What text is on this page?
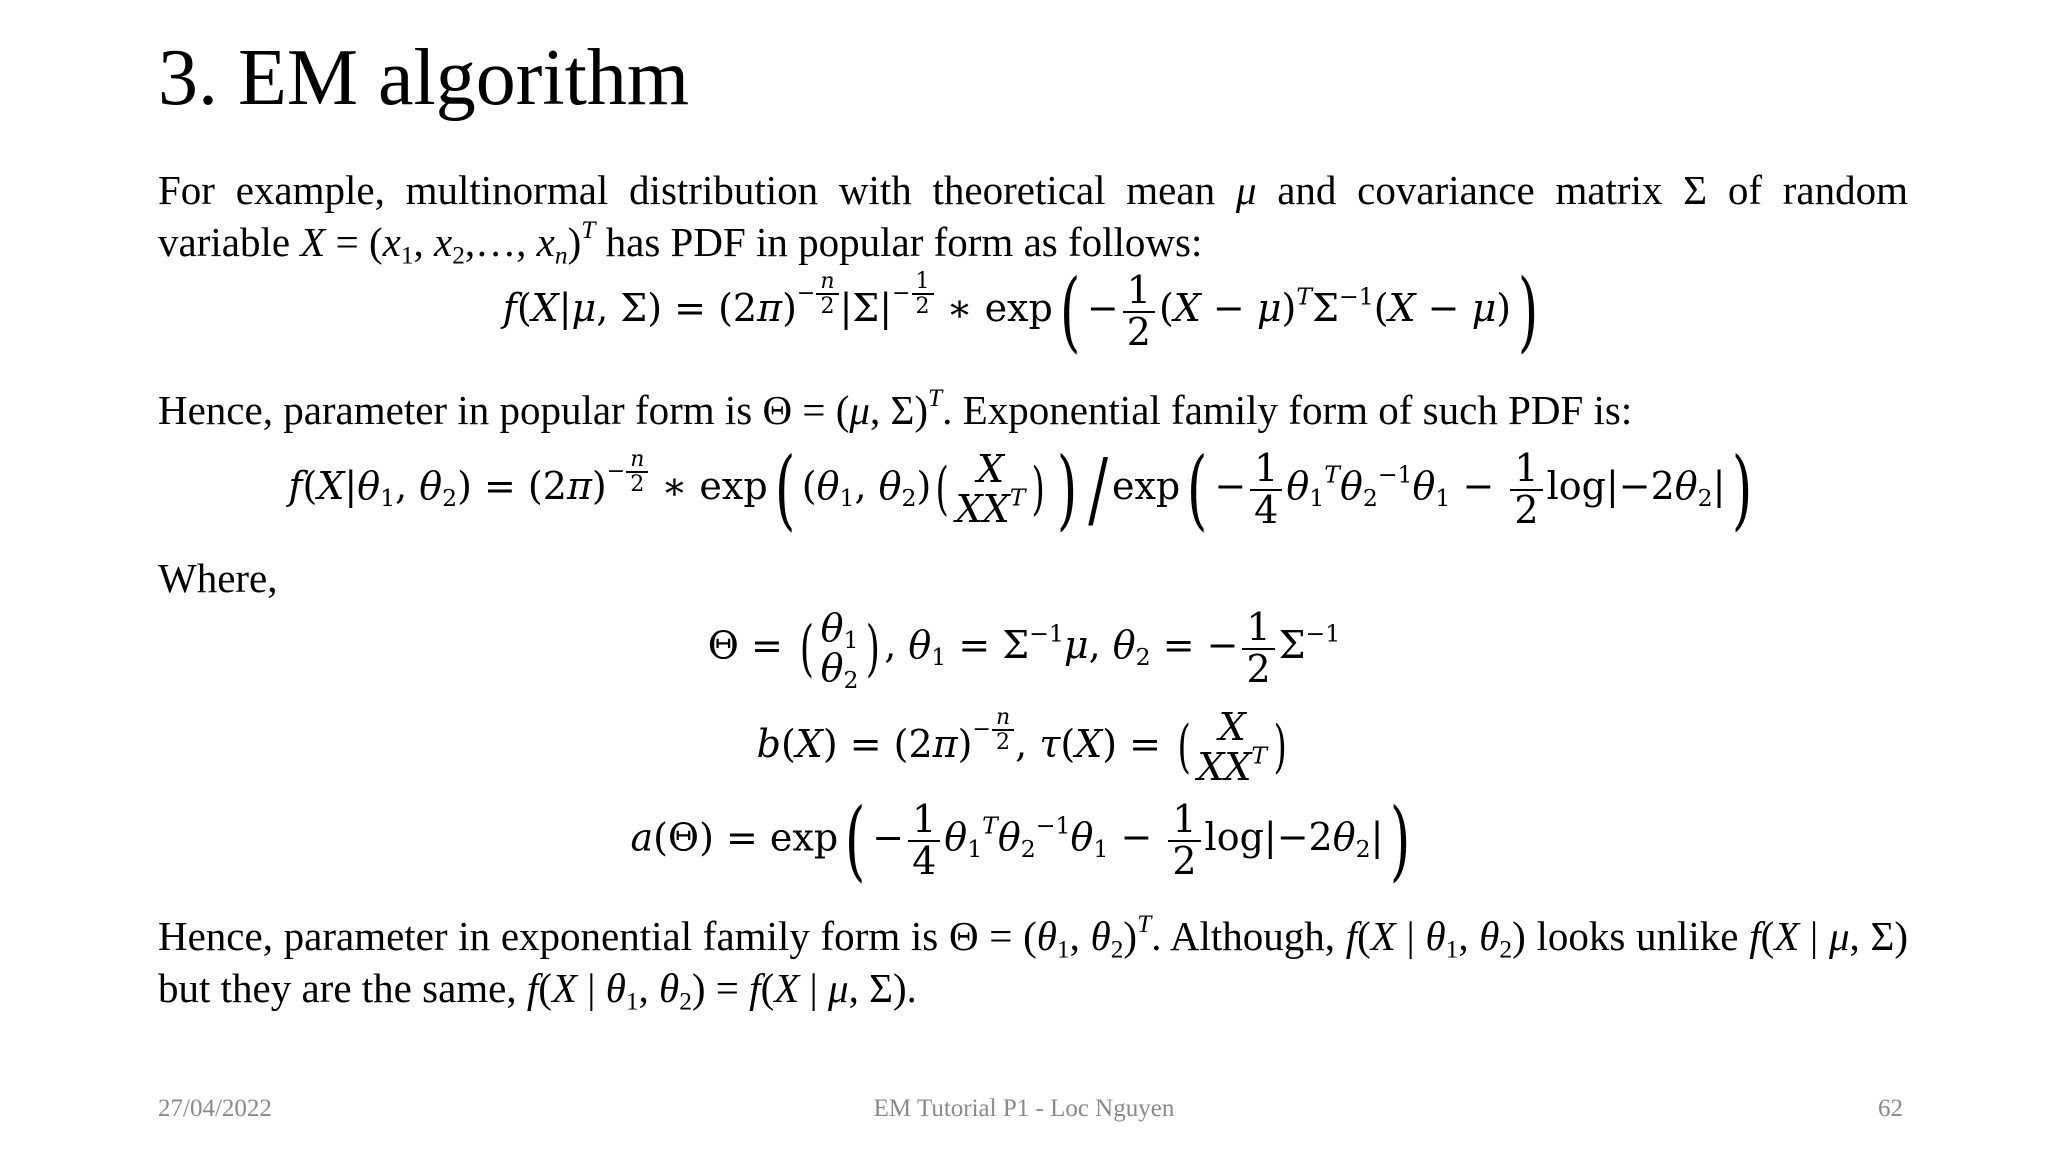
3. EM algorithm
For example, multinormal distribution with theoretical mean μ and covariance matrix Σ of random variable $X = (x_1$, $x_2,\dots$, $x_n)^T$ has PDF in popular form as follows:
f(X|μ, $\Sigma) = (2\pi)- \frac{n}{2} |\Sigma|- \frac{1}{2}$ ∗ $\exp( - \frac{1}{2} (X - \mu)^T\Sigma^{-1}(X - \mu))$
Hence, parameter in popular form is Θ = (μ, Σ)$^T$. Exponential family form of such PDF is:
$f(X|\theta_1$, $\theta_2) = (2\pi)- \frac{n}{2}$ ∗ exp( ($\theta_1$, $\theta_2$)( X
$XX^T$ ) ) / $\exp( - \frac{1}{4} \theta_1^T\theta_2^{-1}\theta_1 - \frac{1}{2} \log|-2\theta_2|)$
Where,
Θ = ( $\theta_1$
$\theta_2$ ) , $\theta_1 = \Sigma^{-1}\mu$, $\theta_2$ = − $\frac{1}{2} \Sigma^{-1}$
$b(X) = (2\pi)- \frac{n}{2}$ , τ(X) = ( X
$XX^T$ )
$a(\Theta) = \exp( - \frac{1}{4} \theta_1^T\theta_2^{-1}\theta_1 - \frac{1}{2} \log|-2\theta_2|)$
Hence, parameter in exponential family form is $\Theta = (\theta_1$, $\theta_2)^T$. Although, f(X | $\theta_1$, $\theta_2$) looks unlike f(X | μ, Σ) but they are the same, f(X | $\theta_1$, $\theta_2) = f(X$ | μ, Σ).
27/04/2022	EM Tutorial P1 - Loc Nguyen	62
